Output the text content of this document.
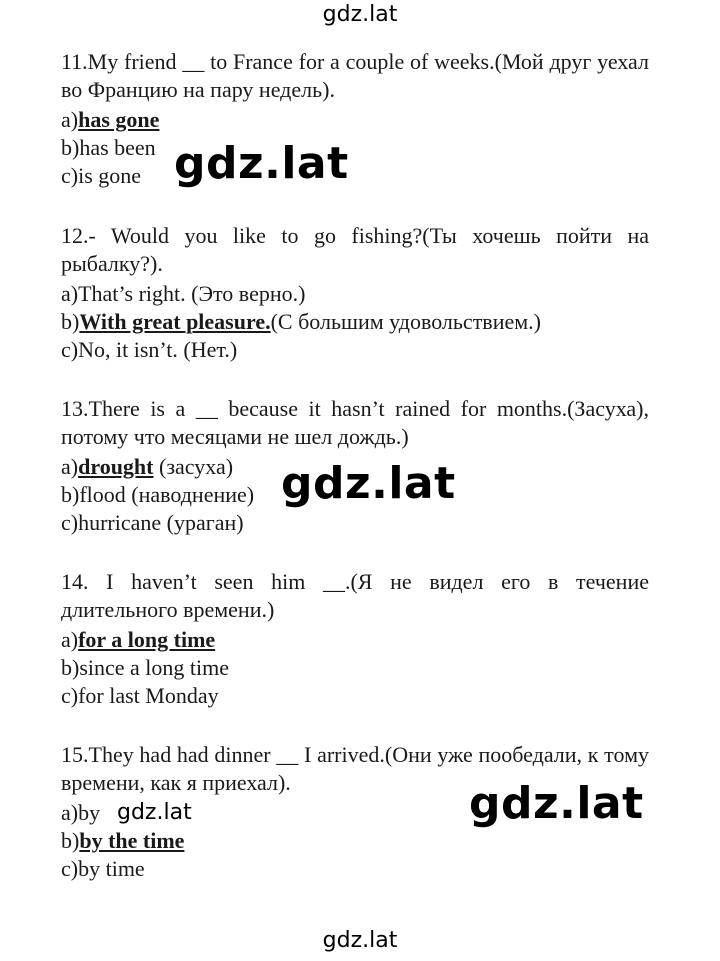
gdz.lat

11.My friend __ to France for a couple of weeks.(Мой друг уехал во Францию на пару недель).

a)has gone
b)has been
c)is gone

12.- Would you like to go fishing?(Ты хочешь пойти на рыбалку?).

a)That’s right. (Это верно.)
b)With great pleasure.(С большим удовольствием.)
c)No, it isn’t. (Нет.)

13.There is a __ because it hasn’t rained for months.(Засуха), потому что месяцами не шел дождь.)

a)drought (засуха)
b)flood (наводнение)
c)hurricane (ураган)

14. I haven’t seen him __.(Я не видел его в течение длительного времени.)

a)for a long time
b)since a long time
c)for last Monday

15.They had had dinner __ I arrived.(Они уже пообедали, к тому времени, как я приехал).

a)by
b)by the time
c)by time
gdz.lat
gdz.lat
gdz.lat
gdz.lat
gdz.lat
